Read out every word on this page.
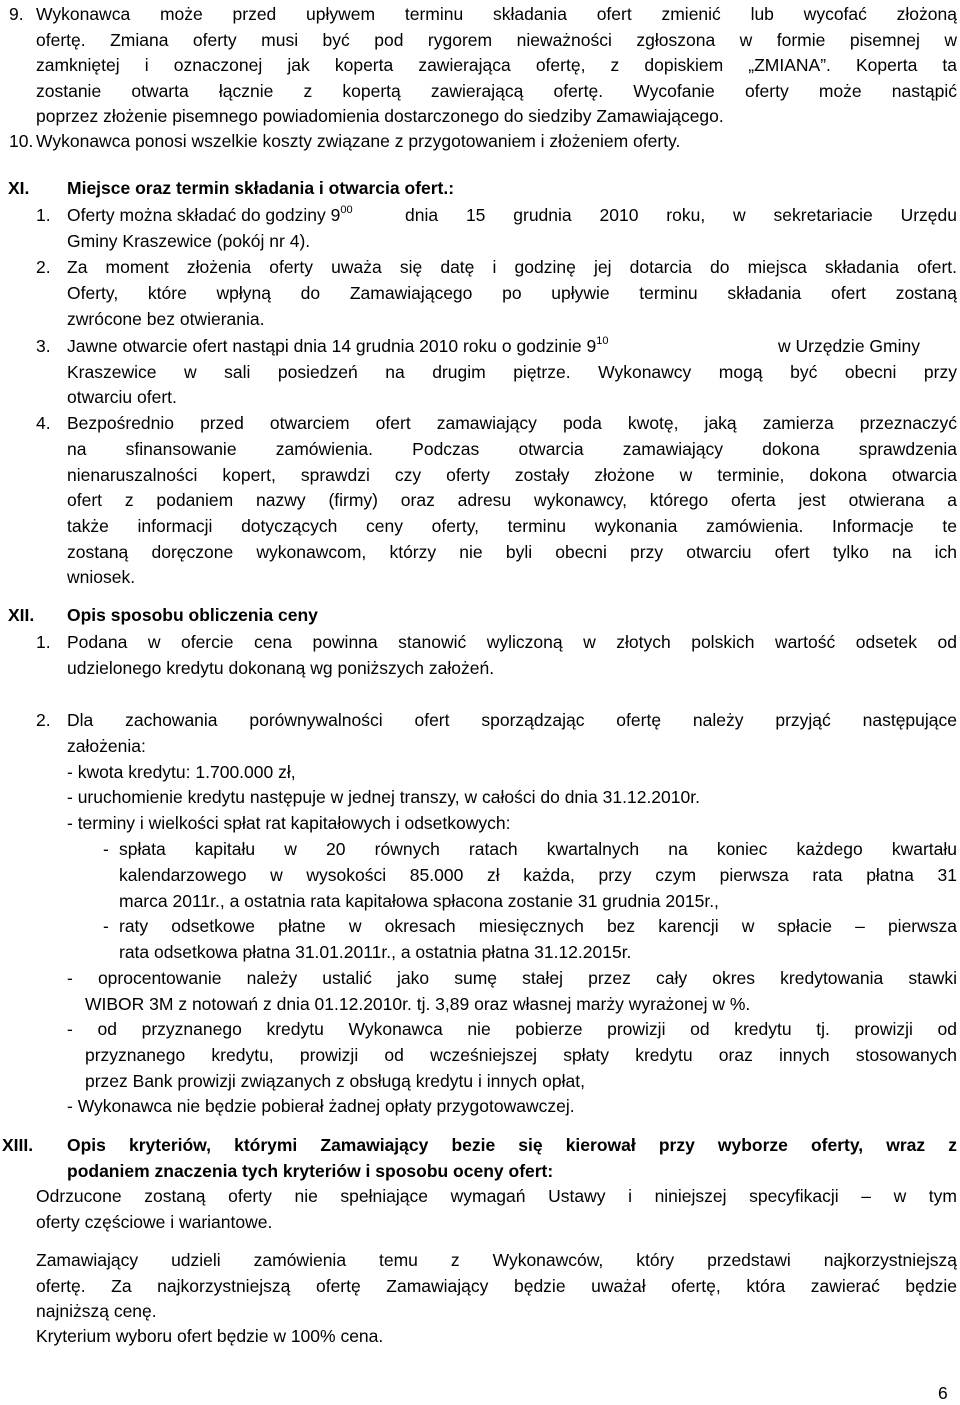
9.

Wykonawca może przed upływem terminu składania ofert zmienić lub wycofać złożoną

ofertę. Zmiana oferty musi być pod rygorem nieważności zgłoszona w formie pisemnej w

zamkniętej i oznaczonej jak koperta zawierająca ofertę, z dopiskiem „ZMIANA”. Koperta ta

zostanie otwarta łącznie z kopertą zawierającą ofertę. Wycofanie oferty może nastąpić

poprzez złożenie pisemnego powiadomienia dostarczonego do siedziby Zamawiającego.

10.

Wykonawca ponosi wszelkie koszty związane z przygotowaniem i złożeniem oferty.

XI.

Miejsce oraz termin składania i otwarcia ofert.:

1.

Oferty można składać do godziny $9^{00}$

	dnia 15 grudnia 2010 roku, w sekretariacie Urzędu

Gminy Kraszewice (pokój nr 4).

2.

Za moment złożenia oferty uważa się datę i godzinę jej dotarcia do miejsca składania ofert.

Oferty, które wpłyną do Zamawiającego po upływie terminu składania ofert zostaną

zwrócone bez otwierania.

3.

Jawne otwarcie ofert nastąpi dnia 14 grudnia 2010 roku o godzinie $9^{10}$

	w Urzędzie Gminy

Kraszewice w sali posiedzeń na drugim piętrze. Wykonawcy mogą być obecni przy

otwarciu ofert.

4.

Bezpośrednio przed otwarciem ofert zamawiający poda kwotę, jaką zamierza przeznaczyć

na sfinansowanie zamówienia. Podczas otwarcia zamawiający dokona sprawdzenia

nienaruszalności kopert, sprawdzi czy oferty zostały złożone w terminie, dokona otwarcia

ofert z podaniem nazwy (firmy) oraz adresu wykonawcy, którego oferta jest otwierana a

także informacji dotyczących ceny oferty, terminu wykonania zamówienia. Informacje te

zostaną doręczone wykonawcom, którzy nie byli obecni przy otwarciu ofert tylko na ich

wniosek.

XII.

Opis sposobu obliczenia ceny

1.

Podana w ofercie cena powinna stanowić wyliczoną w złotych polskich wartość odsetek od

udzielonego kredytu dokonaną wg poniższych założeń.

2.

Dla zachowania porównywalności ofert sporządzając ofertę należy przyjąć następujące

założenia:

- kwota kredytu: 1.700.000 zł,

- uruchomienie kredytu następuje w jednej transzy, w całości do dnia 31.12.2010r.

- terminy i wielkości spłat rat kapitałowych i odsetkowych:

-

spłata kapitału w 20 równych ratach kwartalnych na koniec każdego kwartału

kalendarzowego w wysokości 85.000 zł każda, przy czym pierwsza rata płatna 31

marca 2011r., a ostatnia rata kapitałowa spłacona zostanie 31 grudnia 2015r.,

-

raty odsetkowe płatne w okresach miesięcznych bez karencji w spłacie – pierwsza

rata odsetkowa płatna 31.01.2011r., a ostatnia płatna 31.12.2015r.

- oprocentowanie należy ustalić jako sumę stałej przez cały okres kredytowania stawki

WIBOR 3M z notowań z dnia 01.12.2010r. tj. 3,89 oraz własnej marży wyrażonej w %.

- od przyznanego kredytu Wykonawca nie pobierze prowizji od kredytu tj. prowizji od

przyznanego kredytu, prowizji od wcześniejszej spłaty kredytu oraz innych stosowanych

przez Bank prowizji związanych z obsługą kredytu i innych opłat,

- Wykonawca nie będzie pobierał żadnej opłaty przygotowawczej.

XIII.

Opis kryteriów, którymi Zamawiający bezie się kierował przy wyborze oferty, wraz z

podaniem znaczenia tych kryteriów i sposobu oceny ofert:

Odrzucone zostaną oferty nie spełniające wymagań Ustawy i niniejszej specyfikacji – w tym

oferty częściowe i wariantowe.

Zamawiający udzieli zamówienia temu z Wykonawców, który przedstawi najkorzystniejszą

ofertę. Za najkorzystniejszą ofertę Zamawiający będzie uważał ofertę, która zawierać będzie

najniższą cenę.

Kryterium wyboru ofert będzie w 100% cena.

6
